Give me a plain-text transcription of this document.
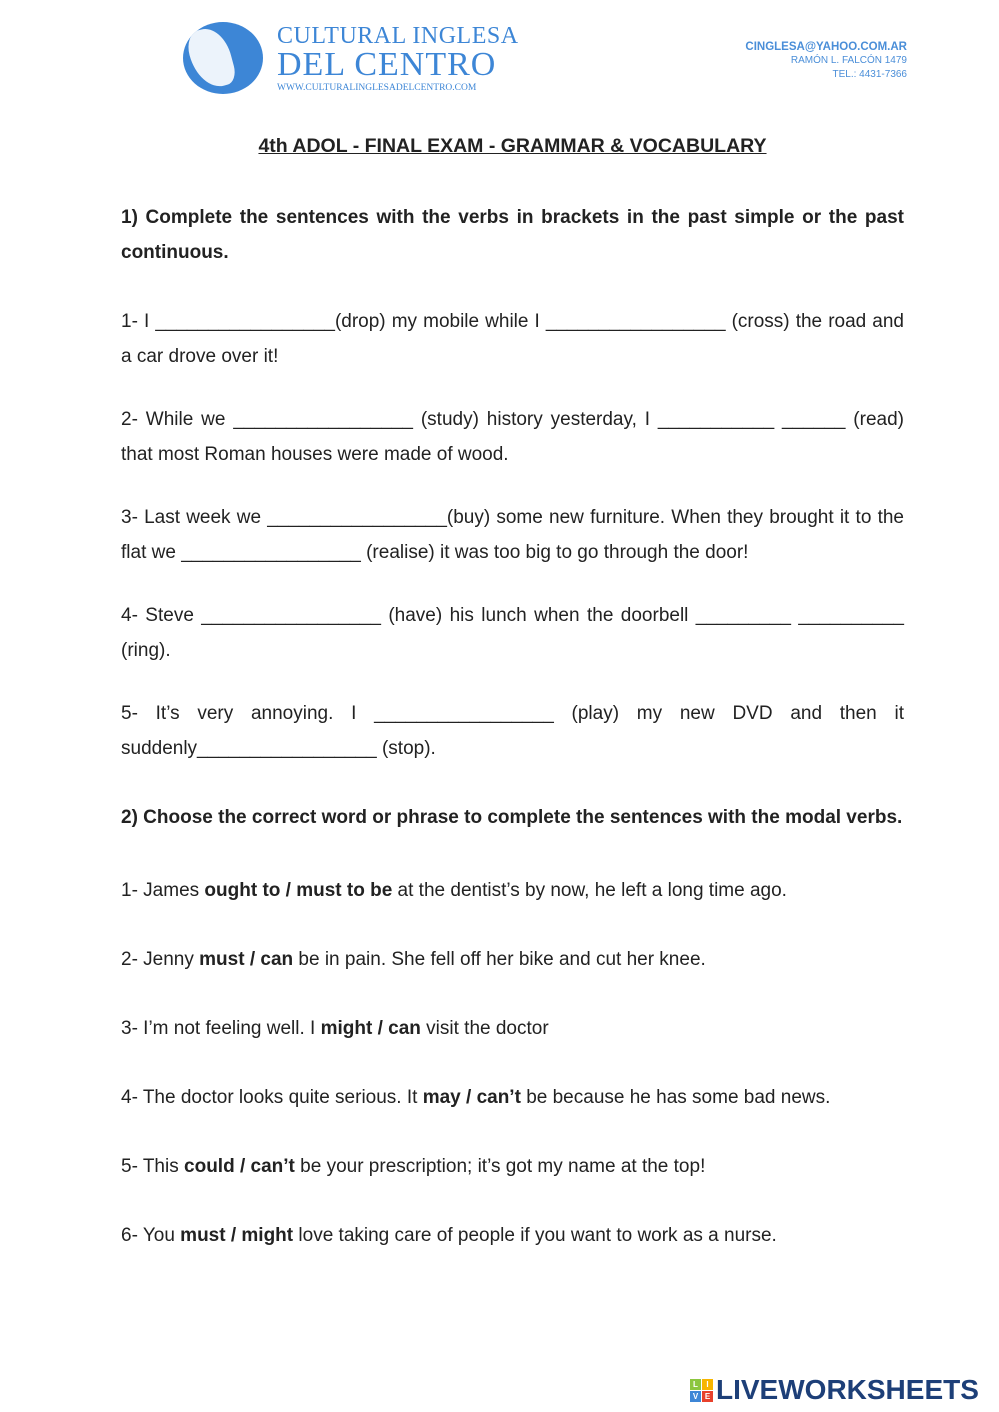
CULTURAL INGLESA
DEL CENTRO
WWW.CULTURALINGLESADELCENTRO.COM
CINGLESA@YAHOO.COM.AR
RAMÓN L. FALCÓN 1479
TEL.: 4431-7366
4th ADOL - FINAL EXAM - GRAMMAR & VOCABULARY

1) Complete the sentences with the verbs in brackets in the past simple or the past continuous.

1- I _________________(drop) my mobile while I _________________ (cross) the road and a car drove over it!

2- While we _________________ (study) history yesterday, I ___________ ______ (read) that most Roman houses were made of wood.

3- Last week we _________________(buy) some new furniture. When they brought it to the flat we _________________ (realise) it was too big to go through the door!

4- Steve _________________ (have) his lunch when the doorbell _________ __________ (ring).

5- It’s very annoying. I _________________ (play) my new DVD and then it suddenly_________________ (stop).

2) Choose the correct word or phrase to complete the sentences with the modal verbs.

1- James ought to / must to be at the dentist’s by now, he left a long time ago.

2- Jenny must / can be in pain. She fell off her bike and cut her knee.

3- I’m not feeling well. I might / can visit the doctor

4- The doctor looks quite serious. It may / can’t be because he has some bad news.

5- This could / can’t be your prescription; it’s got my name at the top!

6- You must / might love taking care of people if you want to work as a nurse.

L	I
V E LIVEWORKSHEETS
